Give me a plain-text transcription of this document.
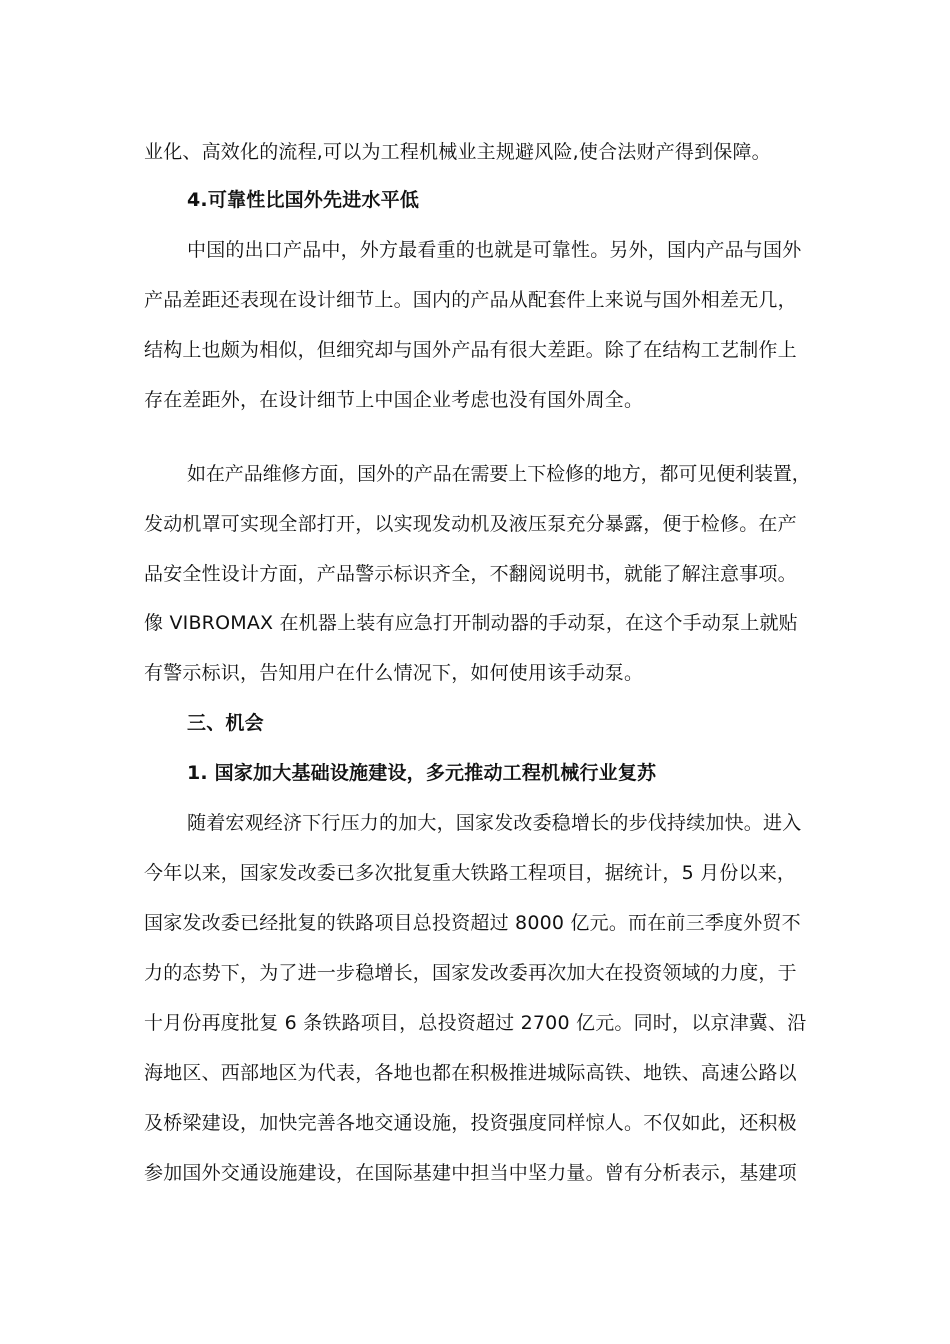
业化、高效化的流程,可以为工程机械业主规避风险,使合法财产得到保障。
4.可靠性比国外先进水平低
中国的出口产品中，外方最看重的也就是可靠性。另外，国内产品与国外
产品差距还表现在设计细节上。国内的产品从配套件上来说与国外相差无几，
结构上也颇为相似，但细究却与国外产品有很大差距。除了在结构工艺制作上
存在差距外，在设计细节上中国企业考虑也没有国外周全。
如在产品维修方面，国外的产品在需要上下检修的地方，都可见便利装置，
发动机罩可实现全部打开，以实现发动机及液压泵充分暴露，便于检修。在产
品安全性设计方面，产品警示标识齐全，不翻阅说明书，就能了解注意事项。
像 VIBROMAX 在机器上装有应急打开制动器的手动泵，在这个手动泵上就贴
有警示标识，告知用户在什么情况下，如何使用该手动泵。
三、机会
1. 国家加大基础设施建设，多元推动工程机械行业复苏
随着宏观经济下行压力的加大，国家发改委稳增长的步伐持续加快。进入
今年以来，国家发改委已多次批复重大铁路工程项目，据统计，5 月份以来，
国家发改委已经批复的铁路项目总投资超过 8000 亿元。而在前三季度外贸不
力的态势下，为了进一步稳增长，国家发改委再次加大在投资领域的力度，于
十月份再度批复 6 条铁路项目，总投资超过 2700 亿元。同时，以京津冀、沿
海地区、西部地区为代表，各地也都在积极推进城际高铁、地铁、高速公路以
及桥梁建设，加快完善各地交通设施，投资强度同样惊人。不仅如此，还积极
参加国外交通设施建设，在国际基建中担当中坚力量。曾有分析表示，基建项
